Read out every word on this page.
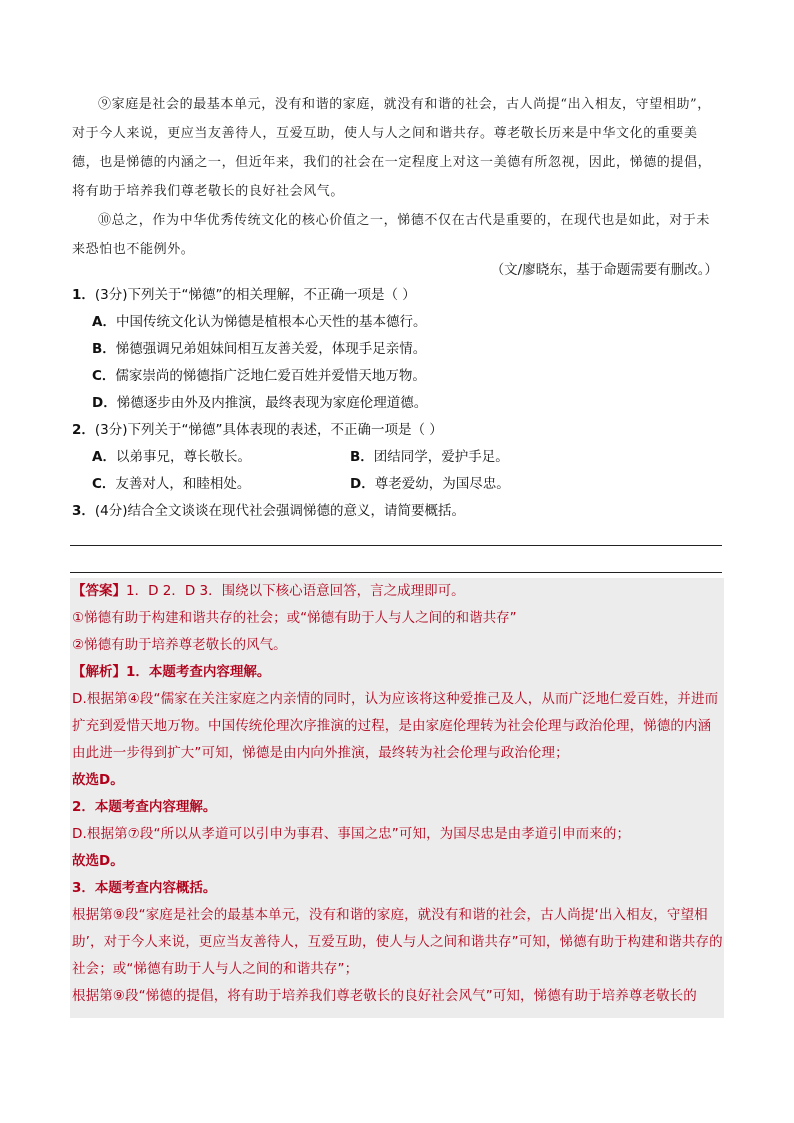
⑨家庭是社会的最基本单元，没有和谐的家庭，就没有和谐的社会，古人尚提“出入相友，守望相助”，对于今人来说，更应当友善待人，互爱互助，使人与人之间和谐共存。尊老敬长历来是中华文化的重要美德，也是悌德的内涵之一，但近年来，我们的社会在一定程度上对这一美德有所忽视，因此，悌德的提倡，将有助于培养我们尊老敬长的良好社会风气。

⑩总之，作为中华优秀传统文化的核心价值之一，悌德不仅在古代是重要的，在现代也是如此，对于未来恐怕也不能例外。

（文/廖晓东，基于命题需要有删改。）

1．(3分)下列关于“悌德”的相关理解，不正确一项是（ ）

A．中国传统文化认为悌德是植根本心天性的基本德行。

B．悌德强调兄弟姐妹间相互友善关爱，体现手足亲情。

C．儒家崇尚的悌德指广泛地仁爱百姓并爱惜天地万物。

D．悌德逐步由外及内推演，最终表现为家庭伦理道德。

2．(3分)下列关于“悌德”具体表现的表述，不正确一项是（ ）

A．以弟事兄，尊长敬长。	B．团结同学，爱护手足。
C．友善对人，和睦相处。	D．尊老爱幼，为国尽忠。

3．(4分)结合全文谈谈在现代社会强调悌德的意义，请简要概括。

【答案】1．D 2．D 3．围绕以下核心语意回答，言之成理即可。

①悌德有助于构建和谐共存的社会；或“悌德有助于人与人之间的和谐共存”

②悌德有助于培养尊老敬长的风气。

【解析】1．本题考查内容理解。

D.根据第④段“儒家在关注家庭之内亲情的同时，认为应该将这种爱推己及人，从而广泛地仁爱百姓，并进而扩充到爱惜天地万物。中国传统伦理次序推演的过程，是由家庭伦理转为社会伦理与政治伦理，悌德的内涵由此进一步得到扩大”可知，悌德是由内向外推演，最终转为社会伦理与政治伦理；

故选D。

2．本题考查内容理解。

D.根据第⑦段“所以从孝道可以引申为事君、事国之忠”可知，为国尽忠是由孝道引申而来的；

故选D。

3．本题考查内容概括。

根据第⑨段“家庭是社会的最基本单元，没有和谐的家庭，就没有和谐的社会，古人尚提‘出入相友，守望相助’，对于今人来说，更应当友善待人，互爱互助，使人与人之间和谐共存”可知，悌德有助于构建和谐共存的社会；或“悌德有助于人与人之间的和谐共存”；

根据第⑨段“悌德的提倡，将有助于培养我们尊老敬长的良好社会风气”可知，悌德有助于培养尊老敬长的
